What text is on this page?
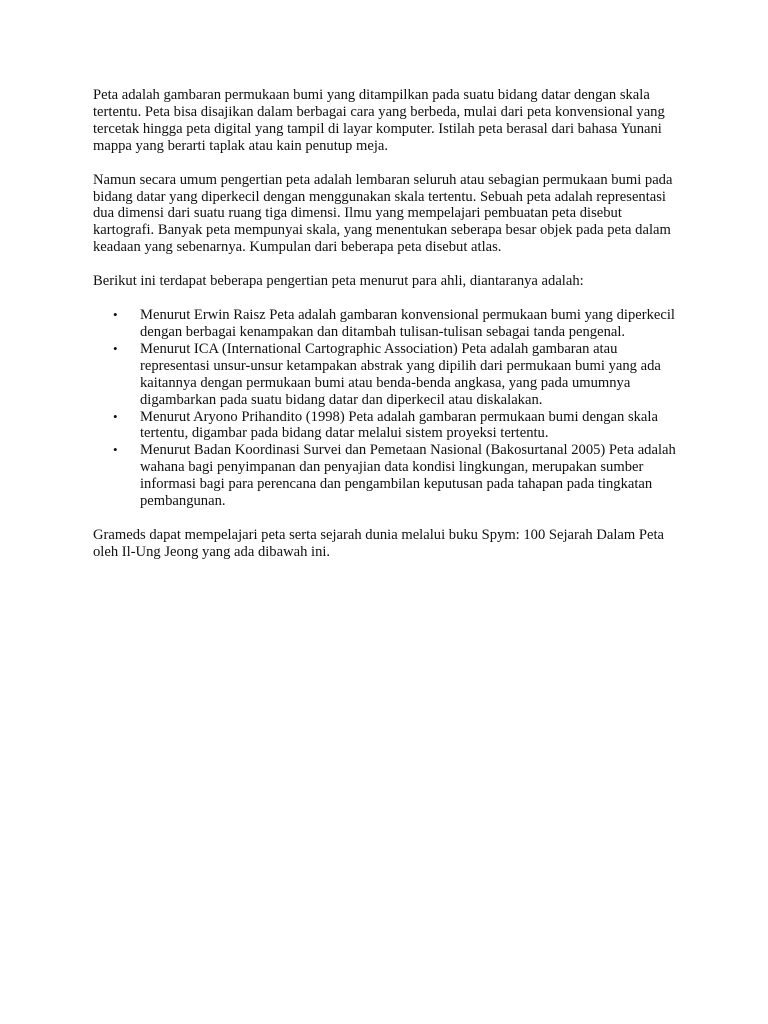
Peta adalah gambaran permukaan bumi yang ditampilkan pada suatu bidang datar dengan skala tertentu. Peta bisa disajikan dalam berbagai cara yang berbeda, mulai dari peta konvensional yang tercetak hingga peta digital yang tampil di layar komputer. Istilah peta berasal dari bahasa Yunani mappa yang berarti taplak atau kain penutup meja.

Namun secara umum pengertian peta adalah lembaran seluruh atau sebagian permukaan bumi pada bidang datar yang diperkecil dengan menggunakan skala tertentu. Sebuah peta adalah representasi dua dimensi dari suatu ruang tiga dimensi. Ilmu yang mempelajari pembuatan peta disebut kartografi. Banyak peta mempunyai skala, yang menentukan seberapa besar objek pada peta dalam keadaan yang sebenarnya. Kumpulan dari beberapa peta disebut atlas.

Berikut ini terdapat beberapa pengertian peta menurut para ahli, diantaranya adalah:

• Menurut Erwin Raisz Peta adalah gambaran konvensional permukaan bumi yang diperkecil dengan berbagai kenampakan dan ditambah tulisan-tulisan sebagai tanda pengenal.
• Menurut ICA (International Cartographic Association) Peta adalah gambaran atau representasi unsur-unsur ketampakan abstrak yang dipilih dari permukaan bumi yang ada kaitannya dengan permukaan bumi atau benda-benda angkasa, yang pada umumnya digambarkan pada suatu bidang datar dan diperkecil atau diskalakan.
• Menurut Aryono Prihandito (1998) Peta adalah gambaran permukaan bumi dengan skala tertentu, digambar pada bidang datar melalui sistem proyeksi tertentu.
• Menurut Badan Koordinasi Survei dan Pemetaan Nasional (Bakosurtanal 2005) Peta adalah wahana bagi penyimpanan dan penyajian data kondisi lingkungan, merupakan sumber informasi bagi para perencana dan pengambilan keputusan pada tahapan pada tingkatan pembangunan.

Grameds dapat mempelajari peta serta sejarah dunia melalui buku Spym: 100 Sejarah Dalam Peta oleh Il-Ung Jeong yang ada dibawah ini.
